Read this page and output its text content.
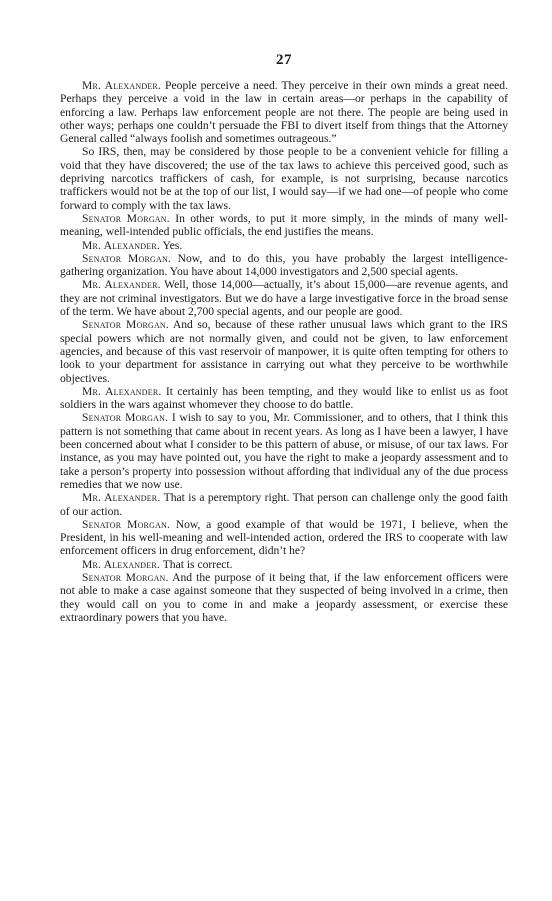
27

Mr. Alexander. People perceive a need. They perceive in their own minds a great need. Perhaps they perceive a void in the law in certain areas—or perhaps in the capability of enforcing a law. Perhaps law enforcement people are not there. The people are being used in other ways; perhaps one couldn’t persuade the FBI to divert itself from things that the Attorney General called “always foolish and sometimes outrageous.”

So IRS, then, may be considered by those people to be a convenient vehicle for filling a void that they have discovered; the use of the tax laws to achieve this perceived good, such as depriving narcotics traffickers of cash, for example, is not surprising, because narcotics traffickers would not be at the top of our list, I would say—if we had one—of people who come forward to comply with the tax laws.

Senator Morgan. In other words, to put it more simply, in the minds of many well-meaning, well-intended public officials, the end justifies the means.

Mr. Alexander. Yes.

Senator Morgan. Now, and to do this, you have probably the largest intelligence-gathering organization. You have about 14,000 investigators and 2,500 special agents.

Mr. Alexander. Well, those 14,000—actually, it’s about 15,000—are revenue agents, and they are not criminal investigators. But we do have a large investigative force in the broad sense of the term. We have about 2,700 special agents, and our people are good.

Senator Morgan. And so, because of these rather unusual laws which grant to the IRS special powers which are not normally given, and could not be given, to law enforcement agencies, and because of this vast reservoir of manpower, it is quite often tempting for others to look to your department for assistance in carrying out what they perceive to be worthwhile objectives.

Mr. Alexander. It certainly has been tempting, and they would like to enlist us as foot soldiers in the wars against whomever they choose to do battle.

Senator Morgan. I wish to say to you, Mr. Commissioner, and to others, that I think this pattern is not something that came about in recent years. As long as I have been a lawyer, I have been concerned about what I consider to be this pattern of abuse, or misuse, of our tax laws. For instance, as you may have pointed out, you have the right to make a jeopardy assessment and to take a person’s property into possession without affording that individual any of the due process remedies that we now use.

Mr. Alexander. That is a peremptory right. That person can challenge only the good faith of our action.

Senator Morgan. Now, a good example of that would be 1971, I believe, when the President, in his well-meaning and well-intended action, ordered the IRS to cooperate with law enforcement officers in drug enforcement, didn’t he?

Mr. Alexander. That is correct.

Senator Morgan. And the purpose of it being that, if the law enforcement officers were not able to make a case against someone that they suspected of being involved in a crime, then they would call on you to come in and make a jeopardy assessment, or exercise these extraordinary powers that you have.
